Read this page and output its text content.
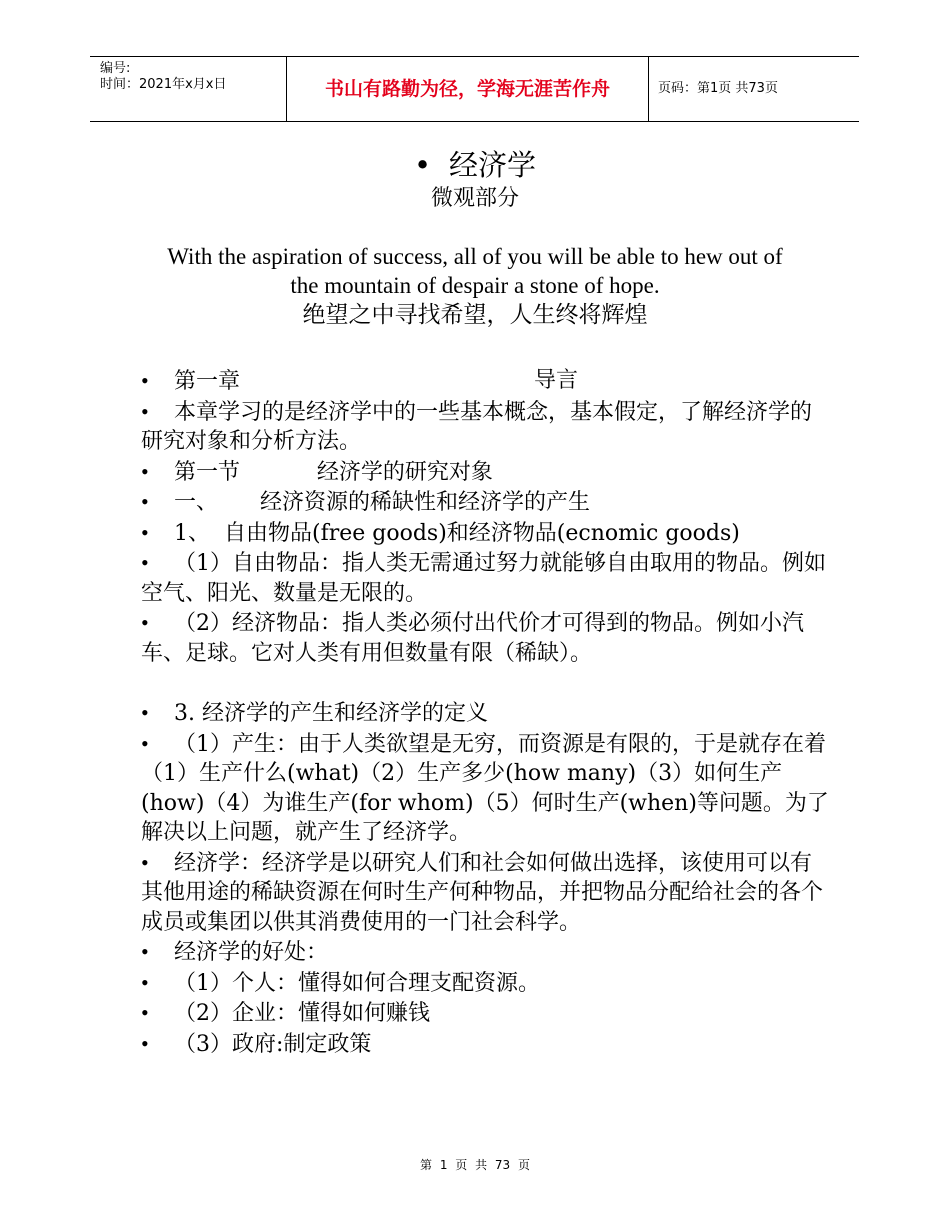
编号:
时间：2021年x月x日	书山有路勤为径，学海无涯苦作舟	页码：第1页 共73页
• 经济学
微观部分
With the aspiration of success, all of you will be able to hew out of
the mountain of despair a stone of hope.
绝望之中寻找希望，人生终将辉煌

• 第一章	导言

• 本章学习的是经济学中的一些基本概念，基本假定，了解经济学的研究对象和分析方法。

• 第一节           经济学的研究对象

• 一、      经济资源的稀缺性和经济学的产生

• 1、  自由物品(free goods)和经济物品(ecnomic goods)

• （1）自由物品：指人类无需通过努力就能够自由取用的物品。例如空气、阳光、数量是无限的。

• （2）经济物品：指人类必须付出代价才可得到的物品。例如小汽车、足球。它对人类有用但数量有限（稀缺）。

• 3. 经济学的产生和经济学的定义

• （1）产生：由于人类欲望是无穷，而资源是有限的，于是就存在着（1）生产什么(what)（2）生产多少(how many)（3）如何生产(how)（4）为谁生产(for whom)（5）何时生产(when)等问题。为了解决以上问题，就产生了经济学。

• 经济学：经济学是以研究人们和社会如何做出选择，该使用可以有其他用途的稀缺资源在何时生产何种物品，并把物品分配给社会的各个成员或集团以供其消费使用的一门社会科学。

• 经济学的好处：

• （1）个人：懂得如何合理支配资源。

• （2）企业：懂得如何赚钱

• （3）政府:制定政策

第 1 页 共 73 页
